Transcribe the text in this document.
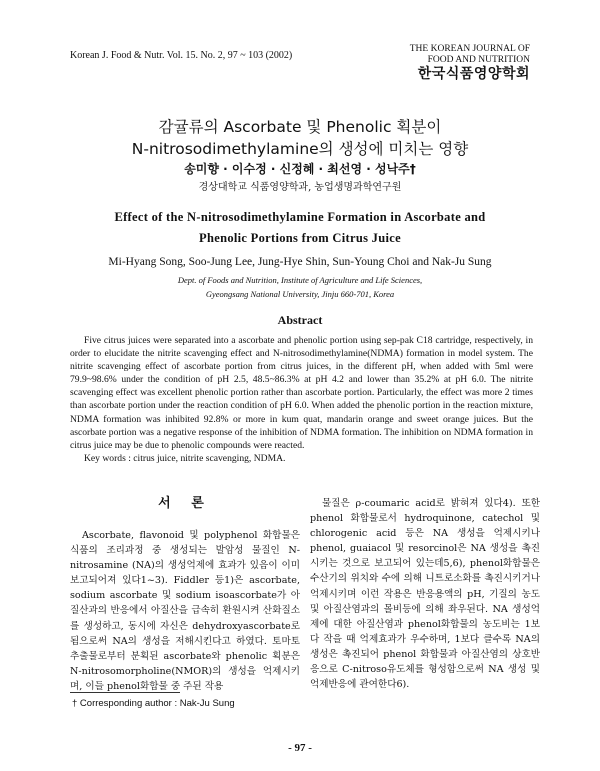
Korean J. Food & Nutr. Vol. 15. No. 2, 97 ~ 103 (2002)
THE KOREAN JOURNAL OF
FOOD AND NUTRITION
한국식품영양학회
감귤류의 Ascorbate 및 Phenolic 획분이
N-nitrosodimethylamine의 생성에 미치는 영향
송미향 · 이수정 · 신정혜 · 최선영 · 성낙주†
경상대학교 식품영양학과, 농업생명과학연구원
Effect of the N-nitrosodimethylamine Formation in Ascorbate and
Phenolic Portions from Citrus Juice
Mi-Hyang Song, Soo-Jung Lee, Jung-Hye Shin, Sun-Young Choi and Nak-Ju Sung
Dept. of Foods and Nutrition, Institute of Agriculture and Life Sciences,
Gyeongsang National University, Jinju 660-701, Korea
Abstract

Five citrus juices were separated into a ascorbate and phenolic portion using sep-pak C18 cartridge, respectively, in order to elucidate the nitrite scavenging effect and N-nitrosodimethylamine(NDMA) formation in model system. The nitrite scavenging effect of ascorbate portion from citrus juices, in the different pH, when added with 5ml were 79.9~98.6% under the condition of pH 2.5, 48.5~86.3% at pH 4.2 and lower than 35.2% at pH 6.0. The nitrite scavenging effect was excellent phenolic portion rather than ascorbate portion. Particularly, the effect was more 2 times than ascorbate portion under the reaction condition of pH 6.0. When added the phenolic portion in the reaction mixture, NDMA formation was inhibited 92.8% or more in kum quat, mandarin orange and sweet orange juices. But the ascorbate portion was a negative response of the inhibition of NDMA formation. The inhibition on NDMA formation in citrus juice may be due to phenolic compounds were reacted.

Key words : citrus juice, nitrite scavenging, NDMA.

서 론

Ascorbate, flavonoid 및 polyphenol 화합물은 식품의 조리과정 중 생성되는 발암성 물질인 N-nitrosamine (NA)의 생성억제에 효과가 있음이 이미 보고되어져 있다1~3). Fiddler 등1)은 ascorbate, sodium ascorbate 및 sodium isoascorbate가 아질산과의 반응에서 아질산을 급속히 환원시켜 산화질소를 생성하고, 동시에 자신은 dehydroxyascorbate로 됨으로써 NA의 생성을 저해시킨다고 하였다. 토마토 추출물로부터 분획된 ascorbate와 phenolic 획분은 N-nitrosomorpholine(NMOR)의 생성을 억제시키며, 이들 phenol화합물 중 주된 작용

물질은 ρ-coumaric acid로 밝혀져 있다4). 또한 phenol 화합물로서 hydroquinone, catechol 및 chlorogenic acid 등은 NA 생성을 억제시키나 phenol, guaiacol 및 resorcinol은 NA 생성을 촉진시키는 것으로 보고되어 있는데5,6), phenol화합물은 수산기의 위치와 수에 의해 니트로소화를 촉진시키거나 억제시키며 이런 작용은 반응용액의 pH, 기질의 농도 및 아질산염과의 몰비등에 의해 좌우된다. NA 생성억제에 대한 아질산염과 phenol화합물의 농도비는 1보다 작을 때 억제효과가 우수하며, 1보다 클수록 NA의 생성은 촉진되어 phenol 화합물과 아질산염의 상호반응으로 C-nitroso유도체를 형성함으로써 NA 생성 및 억제반응에 관여한다6).

† Corresponding author : Nak-Ju Sung
- 97 -
